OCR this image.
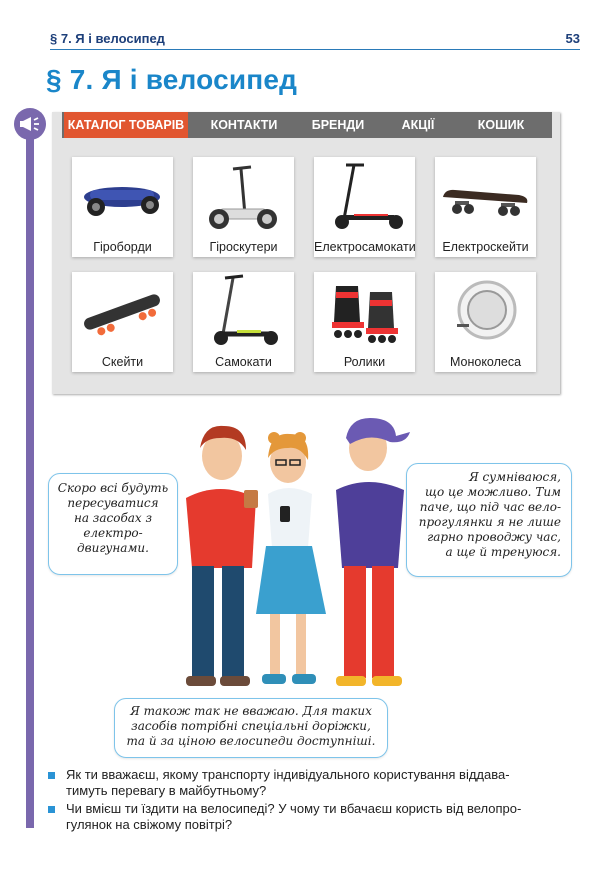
§ 7. Я і велосипед	53
§ 7. Я і велосипед
КАТАЛОГ ТОВАРІВ	КОНТАКТИ	БРЕНДИ	АКЦІЇ	КОШИК
Гіроборди	Гіроскутери	Електросамокати	Електроскейти
Скейти	Самокати	Ролики	Моноколеса
Скоро всі будуть
пересуватися
на засобах з
електро-
двигунами.
Я сумніваюся,
що це можливо. Тим
паче, що під час вело-
прогулянки я не лише
гарно проводжу час,
а ще й тренуюся.
Я також так не вважаю. Для таких
засобів потрібні спеціальні доріжки,
та й за ціною велосипеди доступніші.
Як ти вважаєш, якому транспорту індивідуального користування віддава-
тимуть перевагу в майбутньому?
Чи вмієш ти їздити на велосипеді? У чому ти вбачаєш користь від велопро-
гулянок на свіжому повітрі?
